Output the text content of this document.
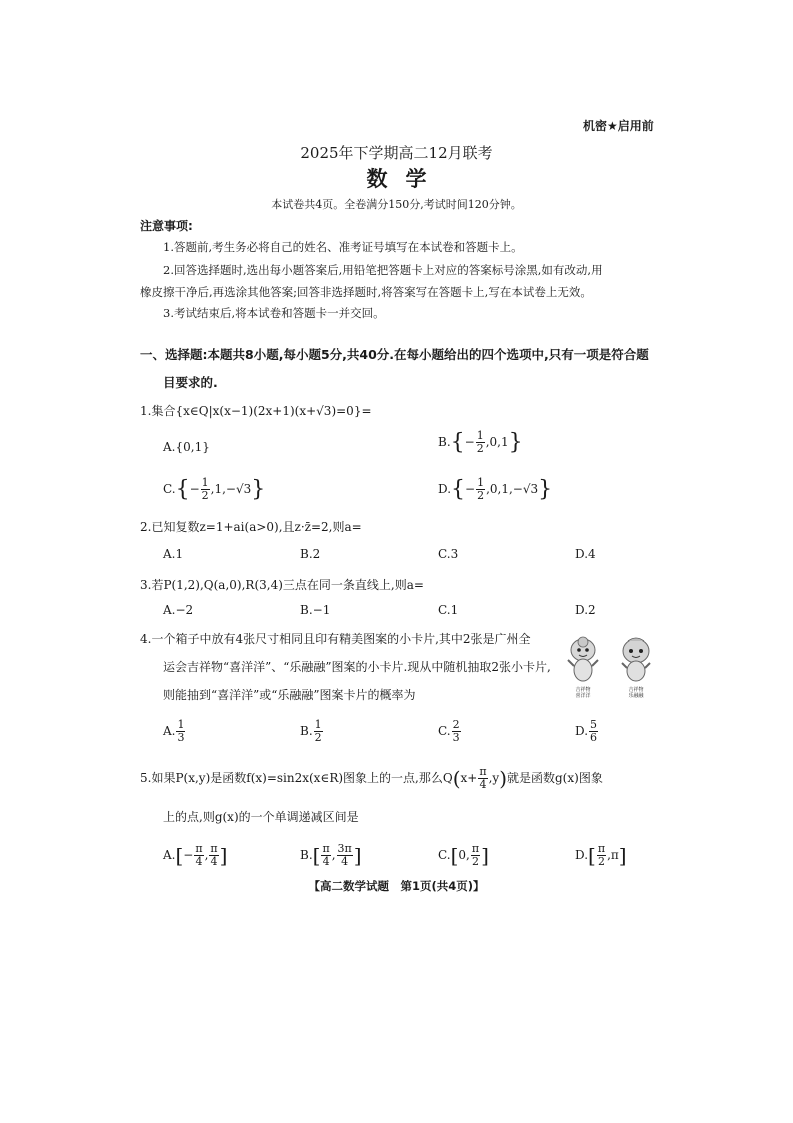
机密★启用前
2025年下学期高二12月联考
数学
本试卷共4页。全卷满分150分,考试时间120分钟。
注意事项:
1.答题前,考生务必将自己的姓名、准考证号填写在本试卷和答题卡上。
2.回答选择题时,选出每小题答案后,用铅笔把答题卡上对应的答案标号涂黑,如有改动,用
橡皮擦干净后,再选涂其他答案;回答非选择题时,将答案写在答题卡上,写在本试卷上无效。
3.考试结束后,将本试卷和答题卡一并交回。
一、选择题:本题共8小题,每小题5分,共40分.在每小题给出的四个选项中,只有一项是符合题
目要求的.
1.集合{x∈Q|x(x−1)(2x+1)(x+√3)=0}=
A.{0,1}	$B.\{- \frac{1}{2} ,0,1\}$
$C.\{- \frac{1}{2} ,1,-√3\}$	$D.\{- \frac{1}{2} ,0,1,-√3\}$
2.已知复数z=1+ai(a>0),且z·z̄=2,则a=
A.1	B.2	C.3	D.4
3.若P(1,2),Q(a,0),R(3,4)三点在同一条直线上,则a=
A.−2	B.−1	C.1	D.2
4.一个箱子中放有4张尺寸相同且印有精美图案的小卡片,其中2张是广州全
运会吉祥物“喜洋洋”、“乐融融”图案的小卡片.现从中随机抽取2张小卡片,
则能抽到“喜洋洋”或“乐融融”图案卡片的概率为	吉祥物
喜洋洋
吉祥物
乐融融
A. $\frac{1}{3}$	B. $\frac{1}{2}$	C. $\frac{2}{3}$	D. $\frac{5}{6}$
5.如果P(x,y)是函数f(x)=sin2x(x∈R)图象上的一点,那么$Q(x+ \frac{\pi}{4} ,y)$就是函数g(x)图象
上的点,则g(x)的一个单调递减区间是
$A.[- \frac{\pi}{4}$ , $\frac{\pi}{4}$ ]	$B.[ \frac{\pi}{4}$ , $\frac{3\pi}{4}$ ]	C.[0, $\frac{\pi}{2}$ ]	$D.[ \frac{\pi}{2} ,\pi]$
【高二数学试题　第1页(共4页)】
